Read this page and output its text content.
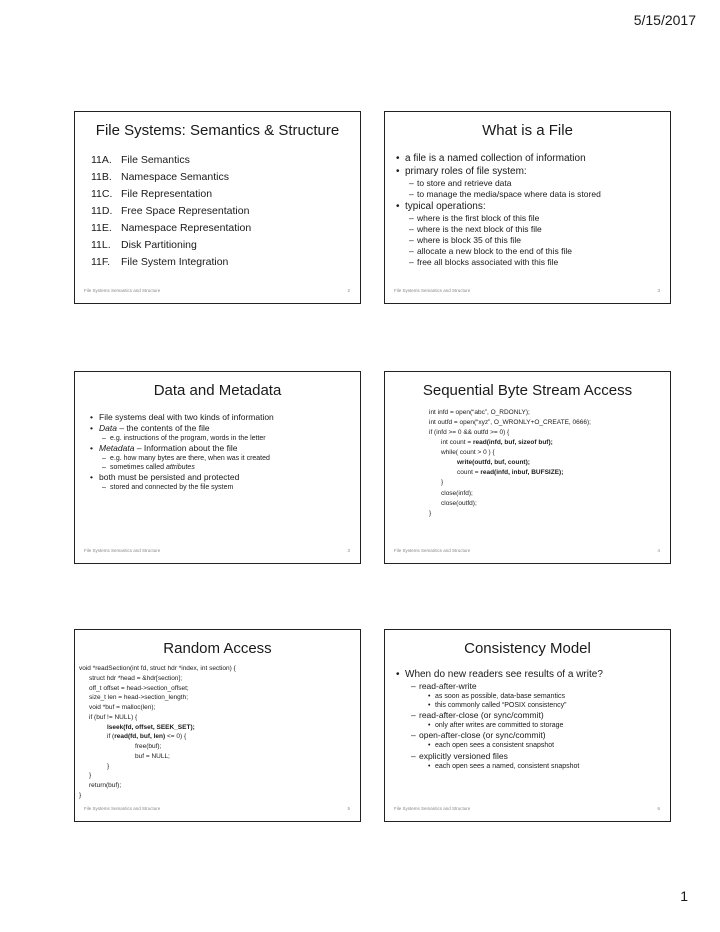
5/15/2017
File Systems: Semantics & Structure
11A. File Semantics
11B. Namespace Semantics
11C. File Representation
11D. Free Space Representation
11E. Namespace Representation
11L. Disk Partitioning
11F. File System Integration
File Systems Semantics and Structure	2
What is a File
• a file is a named collection of information
• primary roles of file system:
– to store and retrieve data
– to manage the media/space where data is stored
• typical operations:
– where is the first block of this file
– where is the next block of this file
– where is block 35 of this file
– allocate a new block to the end of this file
– free all blocks associated with this file
File Systems Semantics and Structure	3
Data and Metadata
• File systems deal with two kinds of information
• Data – the contents of the file
– e.g. instructions of the program, words in the letter
• Metadata – Information about the file
– e.g. how many bytes are there, when was it created
– sometimes called attributes
• both must be persisted and protected
– stored and connected by the file system
File Systems Semantics and Structure	3
Sequential Byte Stream Access
int infd = open(“abc”, O_RDONLY);
int outfd = open(“xyz”, O_WRONLY+O_CREATE, 0666);
if (infd >= 0 && outfd >= 0) {
int count = read(infd, buf, sizeof buf);
while( count > 0 ) {
write(outfd, buf, count);
count = read(infd, inbuf, BUFSIZE);
}
close(infd);
close(outfd);
}
File Systems Semantics and Structure	4
Random Access
void *readSection(int fd, struct hdr *index, int section) {
struct hdr *head = &hdr[section];
off_t offset = head->section_offset;
size_t len = head->section_length;
void *buf = malloc(len);
if (buf != NULL) {
lseek(fd, offset, SEEK_SET);
if (read(fd, buf, len) <= 0) {
free(buf);
buf = NULL;
}
}
return(buf);
}
File Systems Semantics and Structure	5
Consistency Model
• When do new readers see results of a write?
– read-after-write
• as soon as possible, data-base semantics
• this commonly called “POSIX consistency”
– read-after-close (or sync/commit)
• only after writes are committed to storage
– open-after-close (or sync/commit)
• each open sees a consistent snapshot
– explicitly versioned files
• each open sees a named, consistent snapshot
File Systems Semantics and Structure	6
1
